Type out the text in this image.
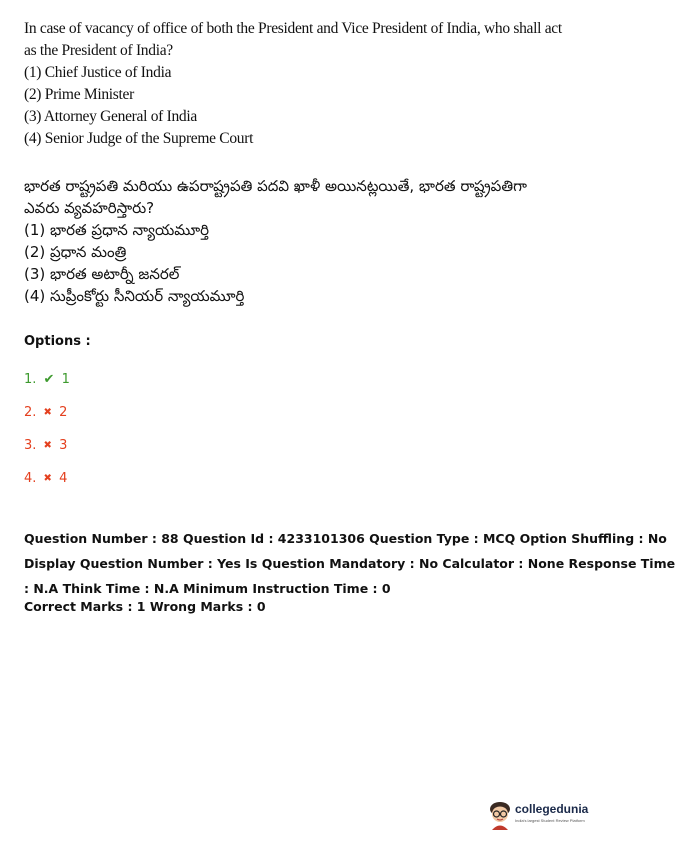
In case of vacancy of office of both the President and Vice President of India, who shall act
as the President of India?
(1) Chief Justice of India
(2) Prime Minister
(3) Attorney General of India
(4) Senior Judge of the Supreme Court
భారత రాష్ట్రపతి మరియు ఉపరాష్ట్రపతి పదవి ఖాళీ అయినట్లయితే, భారత రాష్ట్రపతిగా
ఎవరు వ్యవహరిస్తారు?
(1) భారత ప్రధాన న్యాయమూర్తి
(2) ప్రధాన మంత్రి
(3) భారత అటార్నీ జనరల్
(4) సుప్రీంకోర్టు సీనియర్ న్యాయమూర్తి
Options :
1. ✔ 1
2. ✖ 2
3. ✖ 3
4. ✖ 4
Question Number : 88 Question Id : 4233101306 Question Type : MCQ Option Shuffling : No
Display Question Number : Yes Is Question Mandatory : No Calculator : None Response Time
: N.A Think Time : N.A Minimum Instruction Time : 0
Correct Marks : 1 Wrong Marks : 0
collegedunia
India's largest Student Review Platform
